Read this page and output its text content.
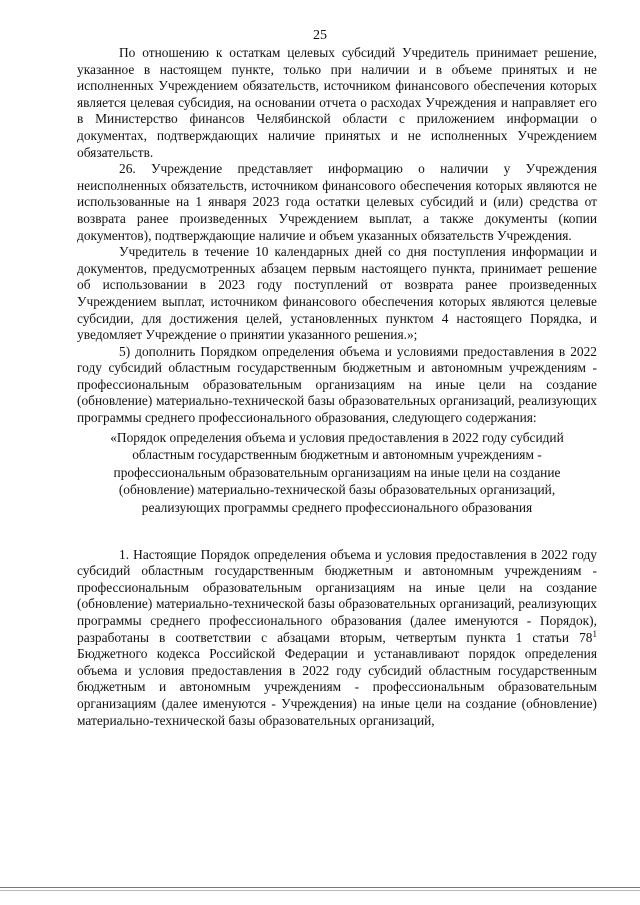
25

По отношению к остаткам целевых субсидий Учредитель принимает решение, указанное в настоящем пункте, только при наличии и в объеме принятых и не исполненных Учреждением обязательств, источником финансового обеспечения которых является целевая субсидия, на основании отчета о расходах Учреждения и направляет его в Министерство финансов Челябинской области с приложением информации о документах, подтверждающих наличие принятых и не исполненных Учреждением обязательств.

26. Учреждение представляет информацию о наличии у Учреждения неисполненных обязательств, источником финансового обеспечения которых являются не использованные на 1 января 2023 года остатки целевых субсидий и (или) средства от возврата ранее произведенных Учреждением выплат, а также документы (копии документов), подтверждающие наличие и объем указанных обязательств Учреждения.

Учредитель в течение 10 календарных дней со дня поступления информации и документов, предусмотренных абзацем первым настоящего пункта, принимает решение об использовании в 2023 году поступлений от возврата ранее произведенных Учреждением выплат, источником финансового обеспечения которых являются целевые субсидии, для достижения целей, установленных пунктом 4 настоящего Порядка, и уведомляет Учреждение о принятии указанного решения.»;

5) дополнить Порядком определения объема и условиями предоставления в 2022 году субсидий областным государственным бюджетным и автономным учреждениям - профессиональным образовательным организациям на иные цели на создание (обновление) материально-технической базы образовательных организаций, реализующих программы среднего профессионального образования, следующего содержания:

«Порядок определения объема и условия предоставления в 2022 году субсидий
областным государственным бюджетным и автономным учреждениям -
профессиональным образовательным организациям на иные цели на создание
(обновление) материально-технической базы образовательных организаций,
реализующих программы среднего профессионального образования

1. Настоящие Порядок определения объема и условия предоставления в 2022 году субсидий областным государственным бюджетным и автономным учреждениям - профессиональным образовательным организациям на иные цели на создание (обновление) материально-технической базы образовательных организаций, реализующих программы среднего профессионального образования (далее именуются - Порядок), разработаны в соответствии с абзацами вторым, четвертым пункта 1 статьи $78^1$ Бюджетного кодекса Российской Федерации и устанавливают порядок определения объема и условия предоставления в 2022 году субсидий областным государственным бюджетным и автономным учреждениям - профессиональным образовательным организациям (далее именуются - Учреждения) на иные цели на создание (обновление) материально-технической базы образовательных организаций,
